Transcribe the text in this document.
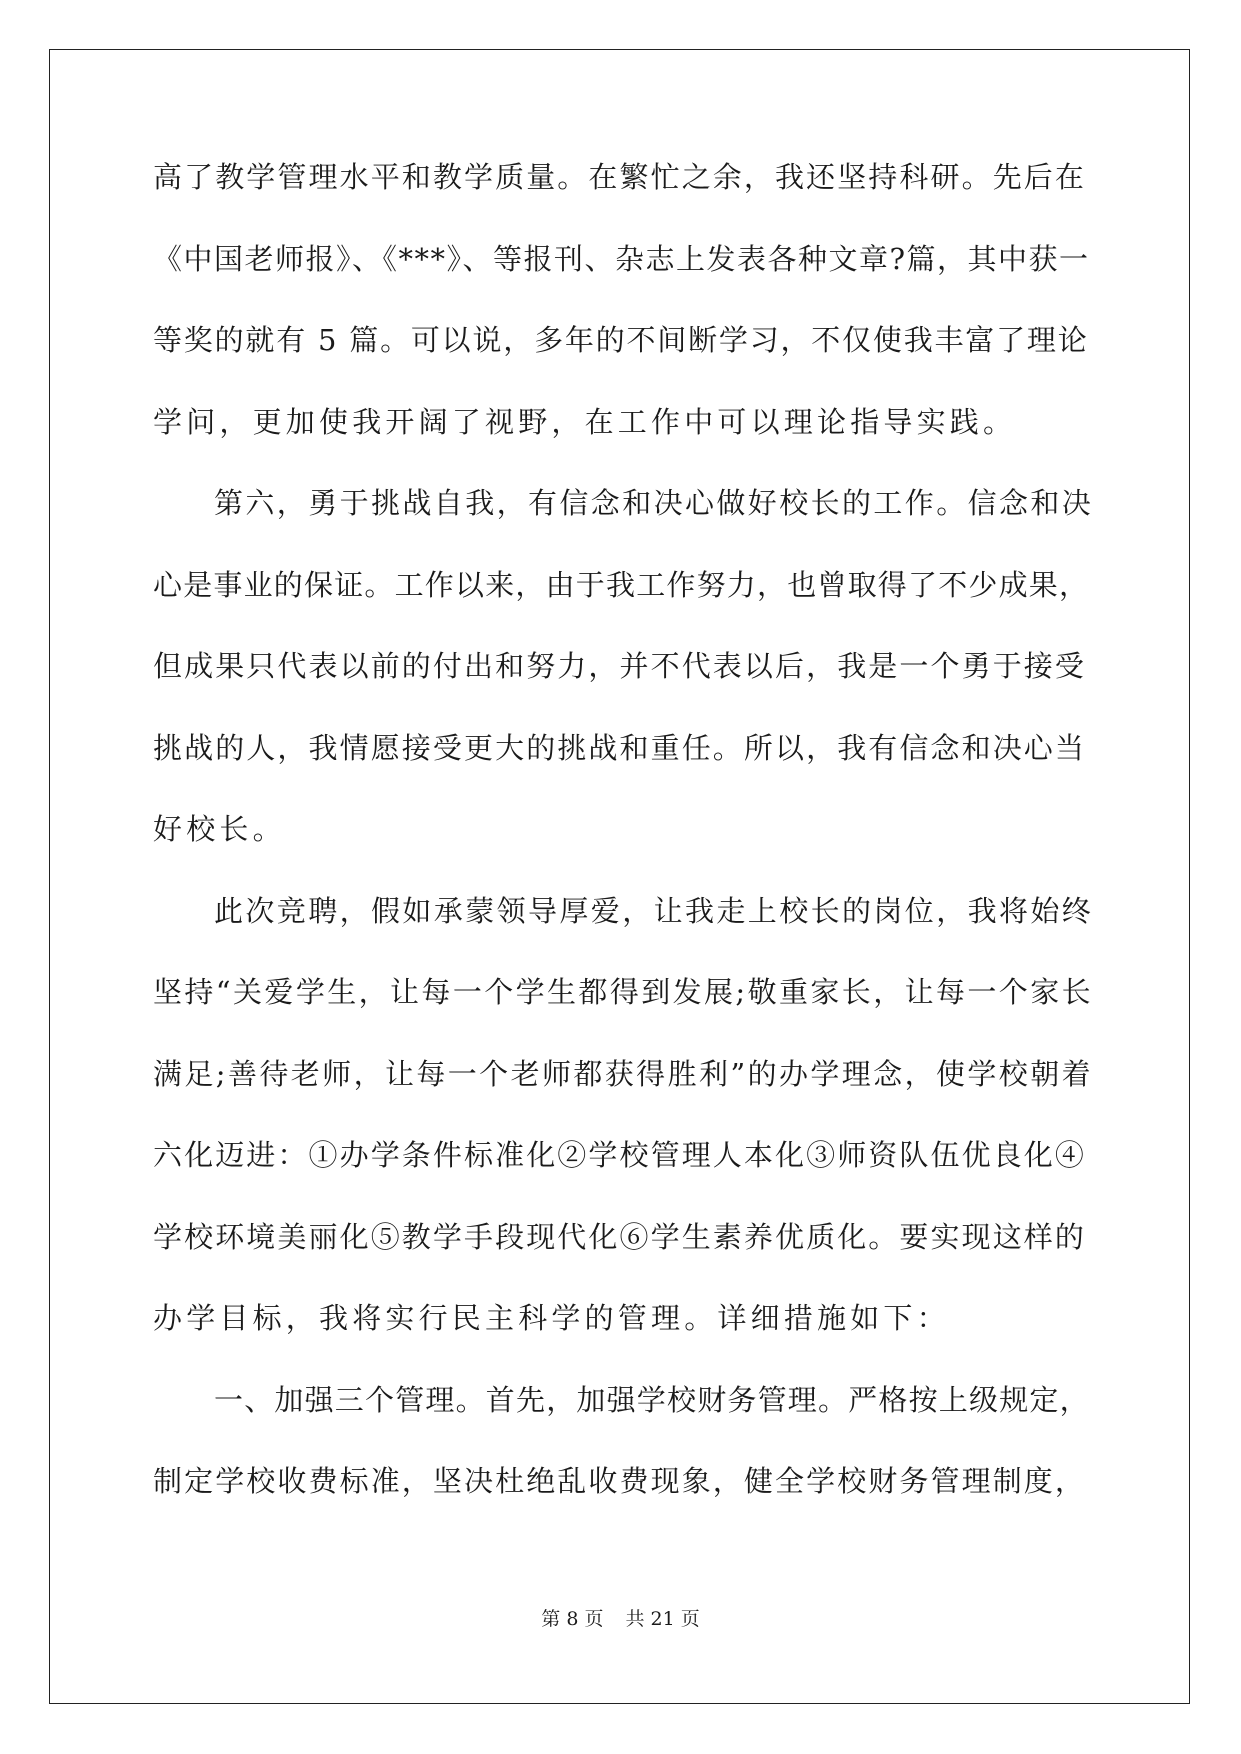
高了教学管理水平和教学质量。在繁忙之余，我还坚持科研。先后在
《中国老师报》、《***》、等报刊、杂志上发表各种文章?篇，其中获一
等奖的就有 5 篇。可以说，多年的不间断学习，不仅使我丰富了理论
学问，更加使我开阔了视野，在工作中可以理论指导实践。
第六，勇于挑战自我，有信念和决心做好校长的工作。信念和决
心是事业的保证。工作以来，由于我工作努力，也曾取得了不少成果，
但成果只代表以前的付出和努力，并不代表以后，我是一个勇于接受
挑战的人，我情愿接受更大的挑战和重任。所以，我有信念和决心当
好校长。
此次竞聘，假如承蒙领导厚爱，让我走上校长的岗位，我将始终
坚持“关爱学生，让每一个学生都得到发展;敬重家长，让每一个家长
满足;善待老师，让每一个老师都获得胜利”的办学理念，使学校朝着
六化迈进：①办学条件标准化②学校管理人本化③师资队伍优良化④
学校环境美丽化⑤教学手段现代化⑥学生素养优质化。要实现这样的
办学目标，我将实行民主科学的管理。详细措施如下：
一、加强三个管理。首先，加强学校财务管理。严格按上级规定，
制定学校收费标准，坚决杜绝乱收费现象，健全学校财务管理制度，
第 8 页 共 21 页
